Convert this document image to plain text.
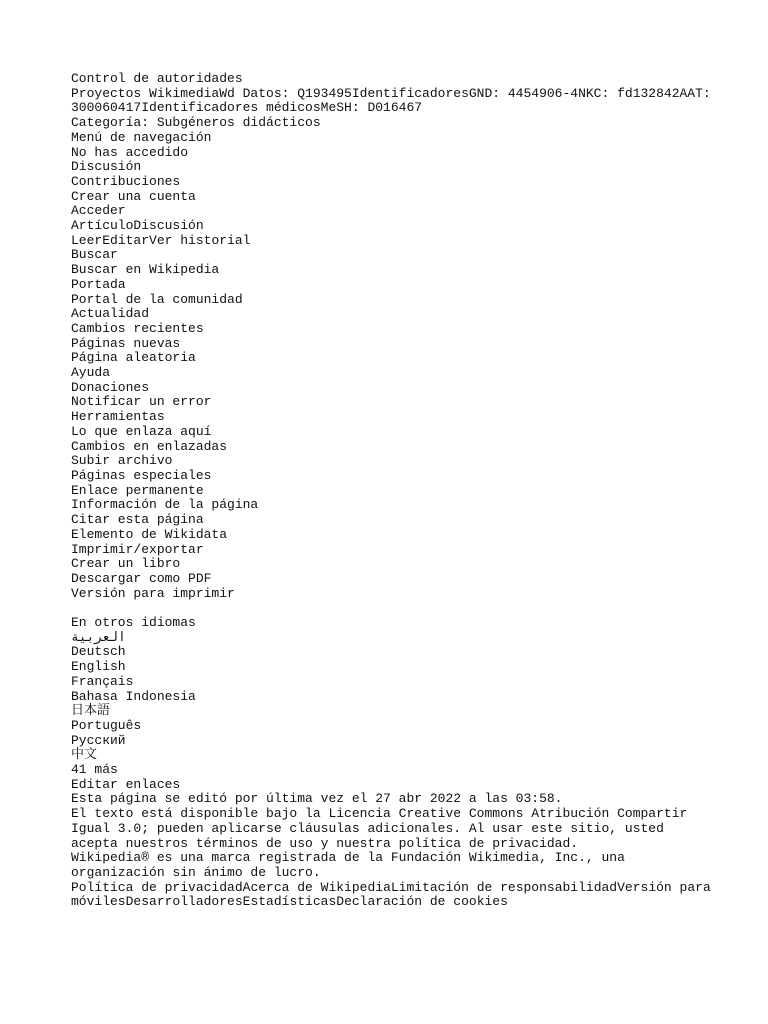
Control de autoridades
Proyectos WikimediaWd Datos: Q193495IdentificadoresGND: 4454906-4NKC: fd132842AAT: 300060417Identificadores médicosMeSH: D016467
Categoría: Subgéneros didácticos
Menú de navegación
No has accedido
Discusión
Contribuciones
Crear una cuenta
Acceder
ArtículoDiscusión
LeerEditarVer historial
Buscar
Buscar en Wikipedia
Portada
Portal de la comunidad
Actualidad
Cambios recientes
Páginas nuevas
Página aleatoria
Ayuda
Donaciones
Notificar un error
Herramientas
Lo que enlaza aquí
Cambios en enlazadas
Subir archivo
Páginas especiales
Enlace permanente
Información de la página
Citar esta página
Elemento de Wikidata
Imprimir/exportar
Crear un libro
Descargar como PDF
Versión para imprimir
En otros idiomas
العربية
Deutsch
English
Français
Bahasa Indonesia
日本語
Português
Русский
中文
41 más
Editar enlaces
Esta página se editó por última vez el 27 abr 2022 a las 03:58.
El texto está disponible bajo la Licencia Creative Commons Atribución Compartir Igual 3.0; pueden aplicarse cláusulas adicionales. Al usar este sitio, usted acepta nuestros términos de uso y nuestra política de privacidad.
Wikipedia® es una marca registrada de la Fundación Wikimedia, Inc., una organización sin ánimo de lucro.
Política de privacidadAcerca de WikipediaLimitación de responsabilidadVersión para móvilesDesarrolladoresEstadísticasDeclaración de cookies
